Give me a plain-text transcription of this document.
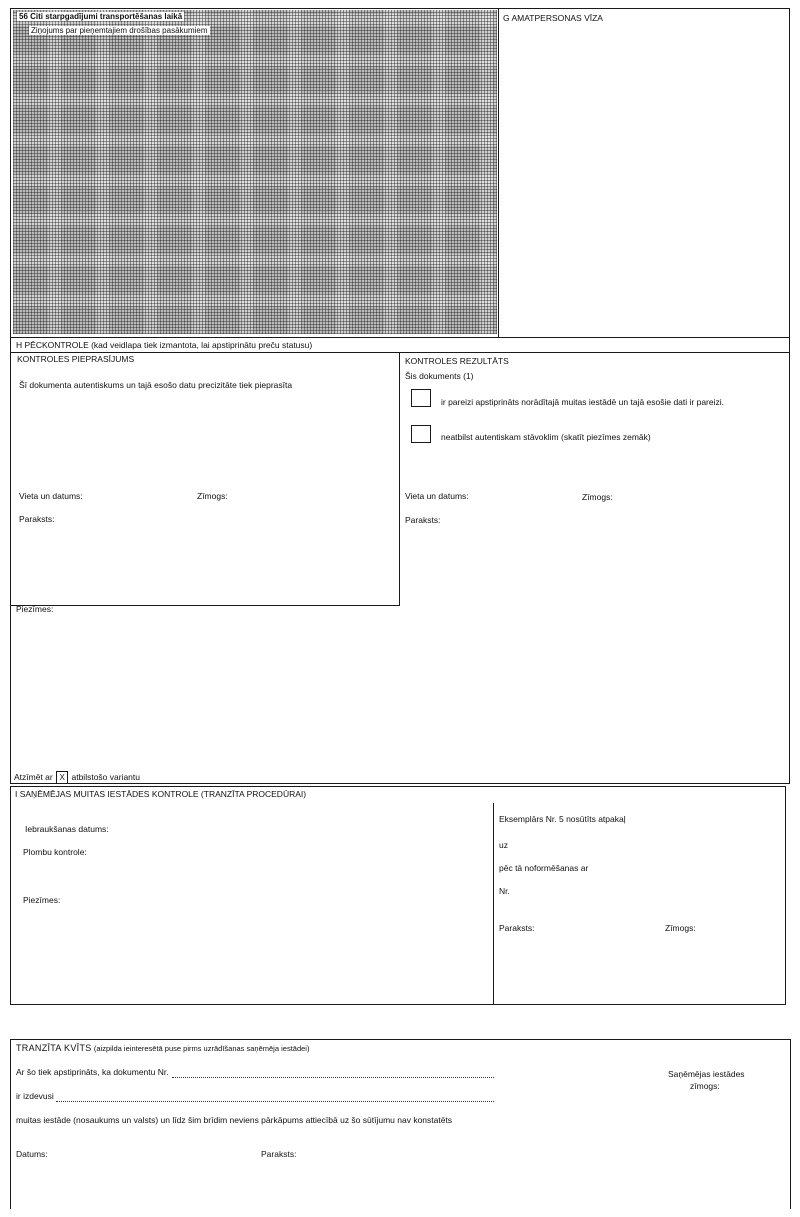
56 Citi starpgadījumi transportēšanas laikā
Ziņojums par pieņemtajiem drošības pasākumiem
G AMATPERSONAS VĪZA
H PĒCKONTROLE (kad veidlapa tiek izmantota, lai apstiprinātu preču statusu)
KONTROLES PIEPRASĪJUMS
Šī dokumenta autentiskums un tajā esošo datu precizitāte tiek pieprasīta
Vieta un datums:	Zīmogs:
Paraksts:
KONTROLES REZULTĀTS
Šis dokuments (1)
ir pareizi apstiprināts norādītajā muitas iestādē un tajā esošie dati ir pareizi.
neatbilst autentiskam stāvoklim (skatīt piezīmes zemāk)
Vieta un datums:	Zīmogs:
Paraksts:
Piezīmes:
Atzīmēt ar X atbilstošo variantu
I SAŅĒMĒJAS MUITAS IESTĀDES KONTROLE (TRANZĪTA PROCEDŪRAI)
Iebraukšanas datums:
Plombu kontrole:
Piezīmes:
Eksemplārs Nr. 5 nosūtīts atpakaļ
uz
pēc tā noformēšanas ar
Nr.
Paraksts:	Zīmogs:
TRANZĪTA KVĪTS (aizpilda ieinteresētā puse pirms uzrādīšanas saņēmēja iestādei)
Ar šo tiek apstiprināts, ka dokumentu Nr.
ir izdevusi
muitas iestāde (nosaukums un valsts) un līdz šim brīdim neviens pārkāpums attiecībā uz šo sūtījumu nav konstatēts
Datums:	Paraksts:
Saņēmējas iestādes
zīmogs:
